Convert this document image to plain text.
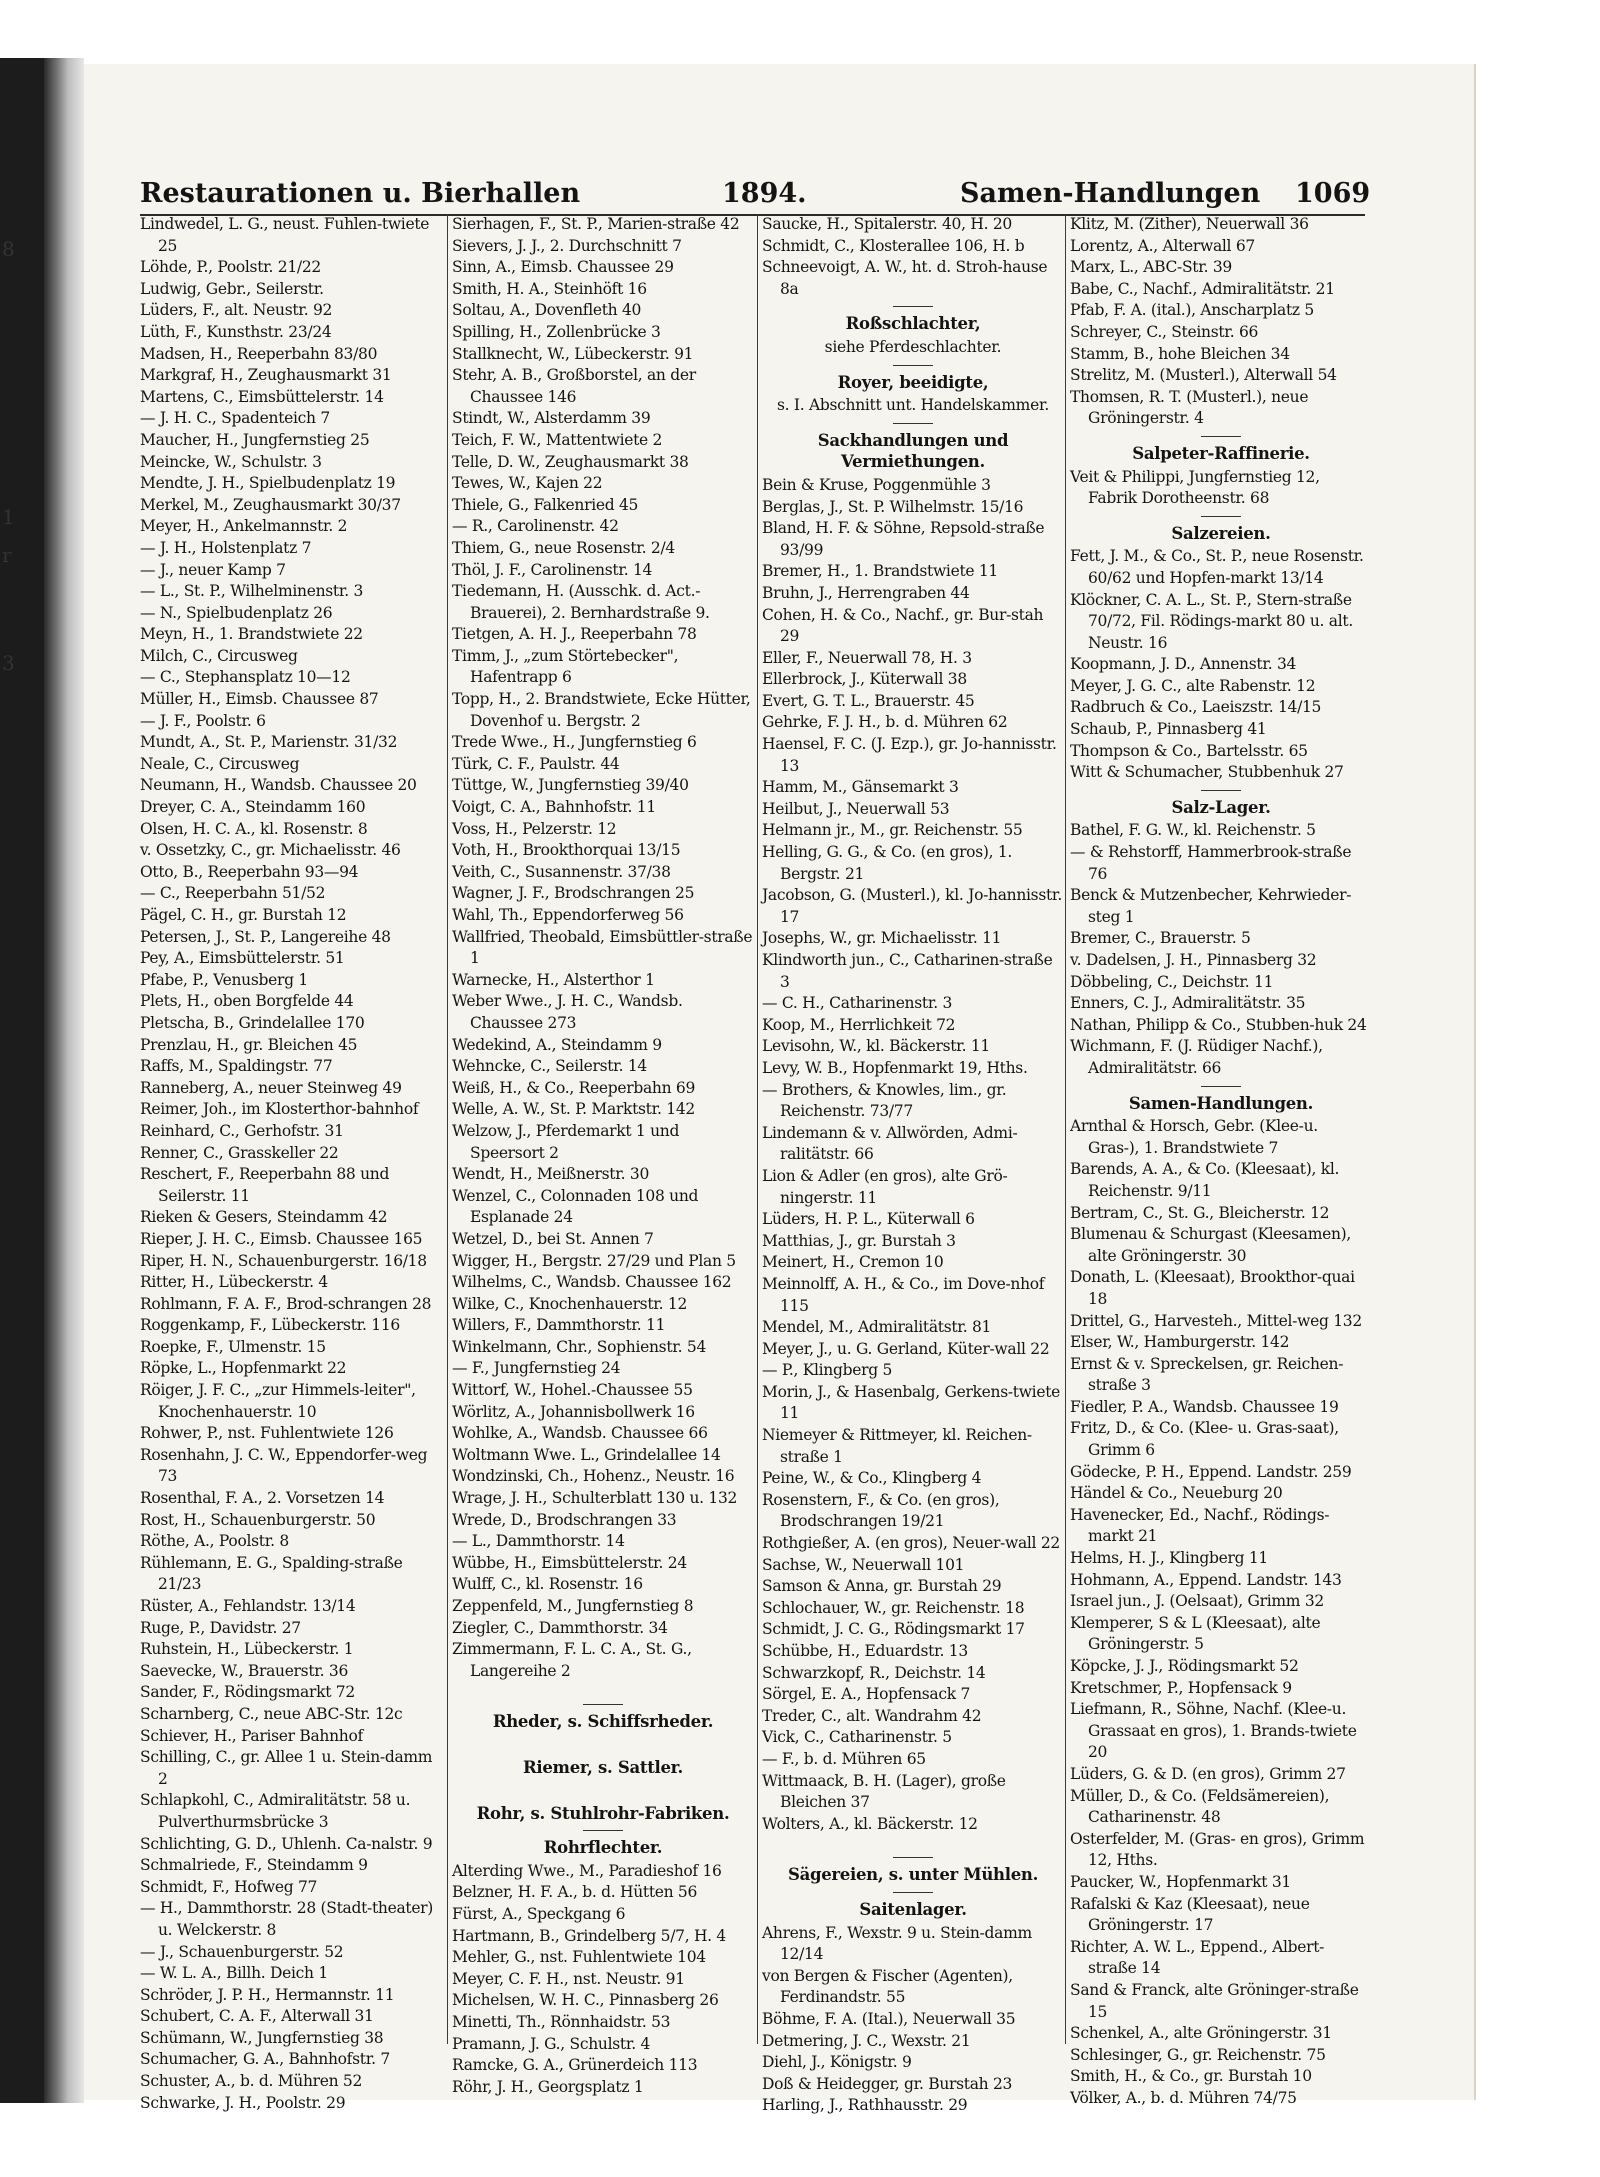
8
1
r
3
Restaurationen u. Bierhallen	1894.	Samen-Handlungen 1069
Lindwedel, L. G., neust. Fuhlen-twiete 25
Löhde, P., Poolstr. 21/22
Ludwig, Gebr., Seilerstr.
Lüders, F., alt. Neustr. 92
Lüth, F., Kunsthstr. 23/24
Madsen, H., Reeperbahn 83/80
Markgraf, H., Zeughausmarkt 31
Martens, C., Eimsbüttelerstr. 14
— J. H. C., Spadenteich 7
Maucher, H., Jungfernstieg 25
Meincke, W., Schulstr. 3
Mendte, J. H., Spielbudenplatz 19
Merkel, M., Zeughausmarkt 30/37
Meyer, H., Ankelmannstr. 2
— J. H., Holstenplatz 7
— J., neuer Kamp 7
— L., St. P., Wilhelminenstr. 3
— N., Spielbudenplatz 26
Meyn, H., 1. Brandstwiete 22
Milch, C., Circusweg
— C., Stephansplatz 10—12
Müller, H., Eimsb. Chaussee 87
— J. F., Poolstr. 6
Mundt, A., St. P., Marienstr. 31/32
Neale, C., Circusweg
Neumann, H., Wandsb. Chaussee 20
Dreyer, C. A., Steindamm 160
Olsen, H. C. A., kl. Rosenstr. 8
v. Ossetzky, C., gr. Michaelisstr. 46
Otto, B., Reeperbahn 93—94
— C., Reeperbahn 51/52
Pägel, C. H., gr. Burstah 12
Petersen, J., St. P., Langereihe 48
Pey, A., Eimsbüttelerstr. 51
Pfabe, P., Venusberg 1
Plets, H., oben Borgfelde 44
Pletscha, B., Grindelallee 170
Prenzlau, H., gr. Bleichen 45
Raffs, M., Spaldingstr. 77
Ranneberg, A., neuer Steinweg 49
Reimer, Joh., im Klosterthor-bahnhof
Reinhard, C., Gerhofstr. 31
Renner, C., Grasskeller 22
Reschert, F., Reeperbahn 88 und Seilerstr. 11
Rieken & Gesers, Steindamm 42
Rieper, J. H. C., Eimsb. Chaussee 165
Riper, H. N., Schauenburgerstr. 16/18
Ritter, H., Lübeckerstr. 4
Rohlmann, F. A. F., Brod-schrangen 28
Roggenkamp, F., Lübeckerstr. 116
Roepke, F., Ulmenstr. 15
Röpke, L., Hopfenmarkt 22
Röiger, J. F. C., „zur Himmels-leiter", Knochenhauerstr. 10
Rohwer, P., nst. Fuhlentwiete 126
Rosenhahn, J. C. W., Eppendorfer-weg 73
Rosenthal, F. A., 2. Vorsetzen 14
Rost, H., Schauenburgerstr. 50
Röthe, A., Poolstr. 8
Rühlemann, E. G., Spalding-straße 21/23
Rüster, A., Fehlandstr. 13/14
Ruge, P., Davidstr. 27
Ruhstein, H., Lübeckerstr. 1
Saevecke, W., Brauerstr. 36
Sander, F., Rödingsmarkt 72
Scharnberg, C., neue ABC-Str. 12c
Schiever, H., Pariser Bahnhof
Schilling, C., gr. Allee 1 u. Stein-damm 2
Schlapkohl, C., Admiralitätstr. 58 u. Pulverthurmsbrücke 3
Schlichting, G. D., Uhlenh. Ca-nalstr. 9
Schmalriede, F., Steindamm 9
Schmidt, F., Hofweg 77
— H., Dammthorstr. 28 (Stadt-theater) u. Welckerstr. 8
— J., Schauenburgerstr. 52
— W. L. A., Billh. Deich 1
Schröder, J. P. H., Hermannstr. 11
Schubert, C. A. F., Alterwall 31
Schümann, W., Jungfernstieg 38
Schumacher, G. A., Bahnhofstr. 7
Schuster, A., b. d. Mühren 52
Schwarke, J. H., Poolstr. 29
Sierhagen, F., St. P., Marien-straße 42
Sievers, J. J., 2. Durchschnitt 7
Sinn, A., Eimsb. Chaussee 29
Smith, H. A., Steinhöft 16
Soltau, A., Dovenfleth 40
Spilling, H., Zollenbrücke 3
Stallknecht, W., Lübeckerstr. 91
Stehr, A. B., Großborstel, an der Chaussee 146
Stindt, W., Alsterdamm 39
Teich, F. W., Mattentwiete 2
Telle, D. W., Zeughausmarkt 38
Tewes, W., Kajen 22
Thiele, G., Falkenried 45
— R., Carolinenstr. 42
Thiem, G., neue Rosenstr. 2/4
Thöl, J. F., Carolinenstr. 14
Tiedemann, H. (Ausschk. d. Act.-Brauerei), 2. Bernhardstraße 9.
Tietgen, A. H. J., Reeperbahn 78
Timm, J., „zum Störtebecker", Hafentrapp 6
Topp, H., 2. Brandstwiete, Ecke Hütter, Dovenhof u. Bergstr. 2
Trede Wwe., H., Jungfernstieg 6
Türk, C. F., Paulstr. 44
Tüttge, W., Jungfernstieg 39/40
Voigt, C. A., Bahnhofstr. 11
Voss, H., Pelzerstr. 12
Voth, H., Brookthorquai 13/15
Veith, C., Susannenstr. 37/38
Wagner, J. F., Brodschrangen 25
Wahl, Th., Eppendorferweg 56
Wallfried, Theobald, Eimsbüttler-straße 1
Warnecke, H., Alsterthor 1
Weber Wwe., J. H. C., Wandsb. Chaussee 273
Wedekind, A., Steindamm 9
Wehncke, C., Seilerstr. 14
Weiß, H., & Co., Reeperbahn 69
Welle, A. W., St. P. Marktstr. 142
Welzow, J., Pferdemarkt 1 und Speersort 2
Wendt, H., Meißnerstr. 30
Wenzel, C., Colonnaden 108 und Esplanade 24
Wetzel, D., bei St. Annen 7
Wigger, H., Bergstr. 27/29 und Plan 5
Wilhelms, C., Wandsb. Chaussee 162
Wilke, C., Knochenhauerstr. 12
Willers, F., Dammthorstr. 11
Winkelmann, Chr., Sophienstr. 54
— F., Jungfernstieg 24
Wittorf, W., Hohel.-Chaussee 55
Wörlitz, A., Johannisbollwerk 16
Wohlke, A., Wandsb. Chaussee 66
Woltmann Wwe. L., Grindelallee 14
Wondzinski, Ch., Hohenz., Neustr. 16
Wrage, J. H., Schulterblatt 130 u. 132
Wrede, D., Brodschrangen 33
— L., Dammthorstr. 14
Wübbe, H., Eimsbüttelerstr. 24
Wulff, C., kl. Rosenstr. 16
Zeppenfeld, M., Jungfernstieg 8
Ziegler, C., Dammthorstr. 34
Zimmermann, F. L. C. A., St. G., Langereihe 2
Rheder, s. Schiffsrheder.
Riemer, s. Sattler.
Rohr, s. Stuhlrohr-Fabriken.
Rohrflechter.
Alterding Wwe., M., Paradieshof 16
Belzner, H. F. A., b. d. Hütten 56
Fürst, A., Speckgang 6
Hartmann, B., Grindelberg 5/7, H. 4
Mehler, G., nst. Fuhlentwiete 104
Meyer, C. F. H., nst. Neustr. 91
Michelsen, W. H. C., Pinnasberg 26
Minetti, Th., Rönnhaidstr. 53
Pramann, J. G., Schulstr. 4
Ramcke, G. A., Grünerdeich 113
Röhr, J. H., Georgsplatz 1
Saucke, H., Spitalerstr. 40, H. 20
Schmidt, C., Klosterallee 106, H. b
Schneevoigt, A. W., ht. d. Stroh-hause 8a
Roßschlachter,
siehe Pferdeschlachter.
Royer, beeidigte,
s. I. Abschnitt unt. Handelskammer.
Sackhandlungen und Vermiethungen.
Bein & Kruse, Poggenmühle 3
Berglas, J., St. P. Wilhelmstr. 15/16
Bland, H. F. & Söhne, Repsold-straße 93/99
Bremer, H., 1. Brandstwiete 11
Bruhn, J., Herrengraben 44
Cohen, H. & Co., Nachf., gr. Bur-stah 29
Eller, F., Neuerwall 78, H. 3
Ellerbrock, J., Küterwall 38
Evert, G. T. L., Brauerstr. 45
Gehrke, F. J. H., b. d. Mühren 62
Haensel, F. C. (J. Ezp.), gr. Jo-hannisstr. 13
Hamm, M., Gänsemarkt 3
Heilbut, J., Neuerwall 53
Helmann jr., M., gr. Reichenstr. 55
Helling, G. G., & Co. (en gros), 1. Bergstr. 21
Jacobson, G. (Musterl.), kl. Jo-hannisstr. 17
Josephs, W., gr. Michaelisstr. 11
Klindworth jun., C., Catharinen-straße 3
— C. H., Catharinenstr. 3
Koop, M., Herrlichkeit 72
Levisohn, W., kl. Bäckerstr. 11
Levy, W. B., Hopfenmarkt 19, Hths.
— Brothers, & Knowles, lim., gr. Reichenstr. 73/77
Lindemann & v. Allwörden, Admi-ralitätstr. 66
Lion & Adler (en gros), alte Grö-ningerstr. 11
Lüders, H. P. L., Küterwall 6
Matthias, J., gr. Burstah 3
Meinert, H., Cremon 10
Meinnolff, A. H., & Co., im Dove-nhof 115
Mendel, M., Admiralitätstr. 81
Meyer, J., u. G. Gerland, Küter-wall 22
— P., Klingberg 5
Morin, J., & Hasenbalg, Gerkens-twiete 11
Niemeyer & Rittmeyer, kl. Reichen-straße 1
Peine, W., & Co., Klingberg 4
Rosenstern, F., & Co. (en gros), Brodschrangen 19/21
Rothgießer, A. (en gros), Neuer-wall 22
Sachse, W., Neuerwall 101
Samson & Anna, gr. Burstah 29
Schlochauer, W., gr. Reichenstr. 18
Schmidt, J. C. G., Rödingsmarkt 17
Schübbe, H., Eduardstr. 13
Schwarzkopf, R., Deichstr. 14
Sörgel, E. A., Hopfensack 7
Treder, C., alt. Wandrahm 42
Vick, C., Catharinenstr. 5
— F., b. d. Mühren 65
Wittmaack, B. H. (Lager), große Bleichen 37
Wolters, A., kl. Bäckerstr. 12
Sägereien, s. unter Mühlen.
Saitenlager.
Ahrens, F., Wexstr. 9 u. Stein-damm 12/14
von Bergen & Fischer (Agenten), Ferdinandstr. 55
Böhme, F. A. (Ital.), Neuerwall 35
Detmering, J. C., Wexstr. 21
Diehl, J., Königstr. 9
Doß & Heidegger, gr. Burstah 23
Harling, J., Rathhausstr. 29
Klitz, M. (Zither), Neuerwall 36
Lorentz, A., Alterwall 67
Marx, L., ABC-Str. 39
Babe, C., Nachf., Admiralitätstr. 21
Pfab, F. A. (ital.), Anscharplatz 5
Schreyer, C., Steinstr. 66
Stamm, B., hohe Bleichen 34
Strelitz, M. (Musterl.), Alterwall 54
Thomsen, R. T. (Musterl.), neue Gröningerstr. 4
Salpeter-Raffinerie.
Veit & Philippi, Jungfernstieg 12, Fabrik Dorotheenstr. 68
Salzereien.
Fett, J. M., & Co., St. P., neue Rosenstr. 60/62 und Hopfen-markt 13/14
Klöckner, C. A. L., St. P., Stern-straße 70/72, Fil. Rödings-markt 80 u. alt. Neustr. 16
Koopmann, J. D., Annenstr. 34
Meyer, J. G. C., alte Rabenstr. 12
Radbruch & Co., Laeiszstr. 14/15
Schaub, P., Pinnasberg 41
Thompson & Co., Bartelsstr. 65
Witt & Schumacher, Stubbenhuk 27
Salz-Lager.
Bathel, F. G. W., kl. Reichenstr. 5
— & Rehstorff, Hammerbrook-straße 76
Benck & Mutzenbecher, Kehrwieder-steg 1
Bremer, C., Brauerstr. 5
v. Dadelsen, J. H., Pinnasberg 32
Döbbeling, C., Deichstr. 11
Enners, C. J., Admiralitätstr. 35
Nathan, Philipp & Co., Stubben-huk 24
Wichmann, F. (J. Rüdiger Nachf.), Admiralitätstr. 66
Samen-Handlungen.
Arnthal & Horsch, Gebr. (Klee-u. Gras-), 1. Brandstwiete 7
Barends, A. A., & Co. (Kleesaat), kl. Reichenstr. 9/11
Bertram, C., St. G., Bleicherstr. 12
Blumenau & Schurgast (Kleesamen), alte Gröningerstr. 30
Donath, L. (Kleesaat), Brookthor-quai 18
Drittel, G., Harvesteh., Mittel-weg 132
Elser, W., Hamburgerstr. 142
Ernst & v. Spreckelsen, gr. Reichen-straße 3
Fiedler, P. A., Wandsb. Chaussee 19
Fritz, D., & Co. (Klee- u. Gras-saat), Grimm 6
Gödecke, P. H., Eppend. Landstr. 259
Händel & Co., Neueburg 20
Havenecker, Ed., Nachf., Rödings-markt 21
Helms, H. J., Klingberg 11
Hohmann, A., Eppend. Landstr. 143
Israel jun., J. (Oelsaat), Grimm 32
Klemperer, S & L (Kleesaat), alte Gröningerstr. 5
Köpcke, J. J., Rödingsmarkt 52
Kretschmer, P., Hopfensack 9
Liefmann, R., Söhne, Nachf. (Klee-u. Grassaat en gros), 1. Brands-twiete 20
Lüders, G. & D. (en gros), Grimm 27
Müller, D., & Co. (Feldsämereien), Catharinenstr. 48
Osterfelder, M. (Gras- en gros), Grimm 12, Hths.
Paucker, W., Hopfenmarkt 31
Rafalski & Kaz (Kleesaat), neue Gröningerstr. 17
Richter, A. W. L., Eppend., Albert-straße 14
Sand & Franck, alte Gröninger-straße 15
Schenkel, A., alte Gröningerstr. 31
Schlesinger, G., gr. Reichenstr. 75
Smith, H., & Co., gr. Burstah 10
Völker, A., b. d. Mühren 74/75
